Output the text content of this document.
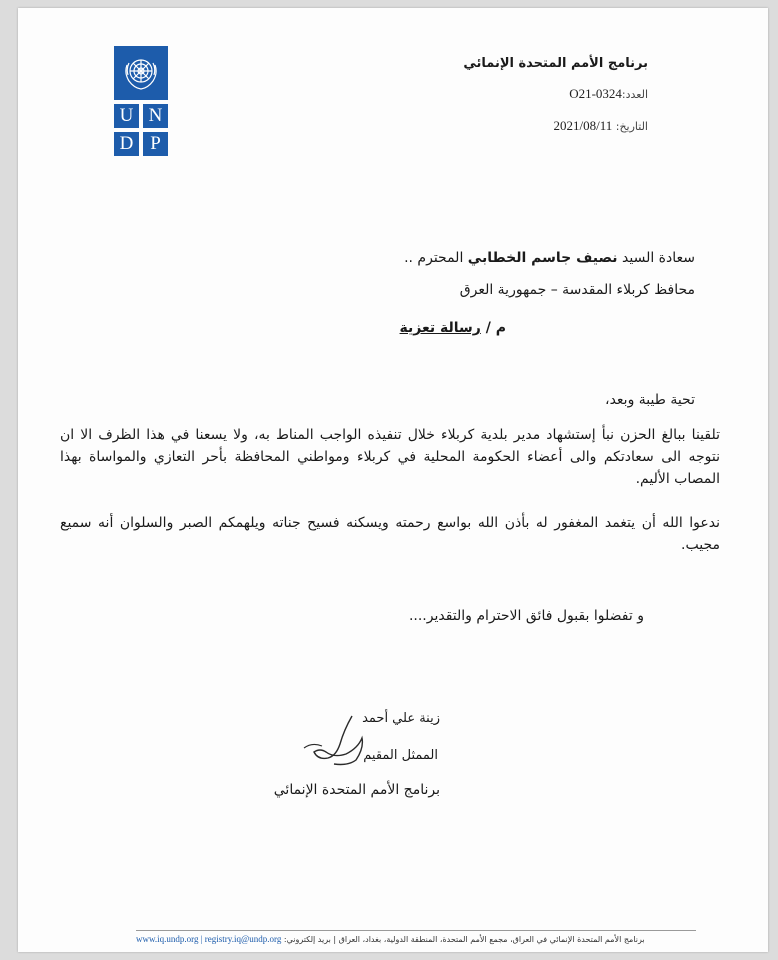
U N
D P
برنامج الأمم المتحدة الإنمائي
العدد:O21-0324
التاريخ: 2021/08/11
سعادة السيد نصيف جاسم الخطابي المحترم ..
محافظ كربلاء المقدسة – جمهورية العرق
م / رسالة تعزية
تحية طيبة وبعد،
تلقينا ببالغ الحزن نبأ إستشهاد مدير بلدية كربلاء خلال تنفيذه الواجب المناط به، ولا يسعنا في هذا الظرف الا ان نتوجه الى سعادتكم والى أعضاء الحكومة المحلية في كربلاء ومواطني المحافظة بأحر التعازي والمواساة بهذا المصاب الأليم.
ندعوا الله أن يتغمد المغفور له بأذن الله بواسع رحمته ويسكنه فسيح جناته ويلهمكم الصبر والسلوان أنه سميع مجيب.
و تفضلوا بقبول فائق الاحترام والتقدير....
زينة علي أحمد
الممثل المقيم
برنامج الأمم المتحدة الإنمائي
برنامج الأمم المتحدة الإنمائي في العراق، مجمع الأمم المتحدة، المنطقة الدولية، بغداد، العراق | بريد إلكتروني: www.iq.undp.org | registry.iq@undp.org
